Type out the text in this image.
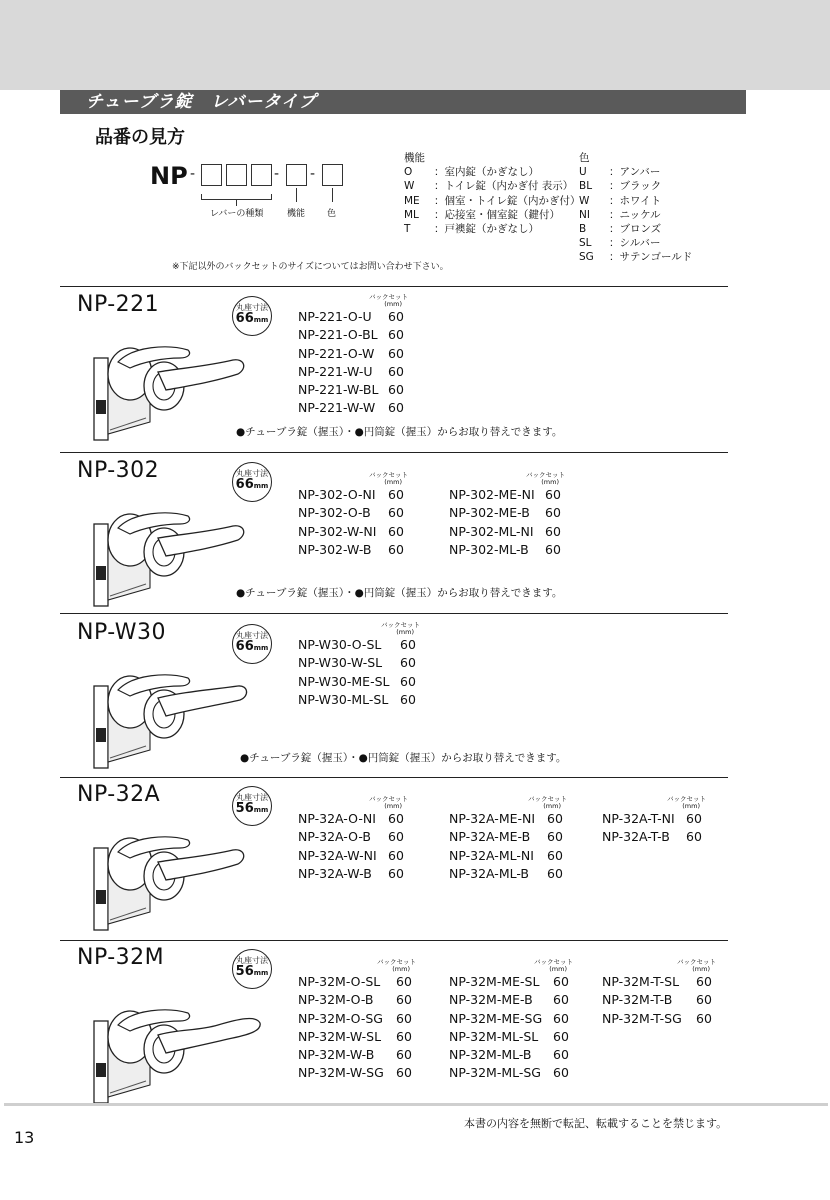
チューブラ錠　レバータイプ
品番の見方
NP -	- -
レバーの種類	機能 色
機能
O ：室内錠（かぎなし）
W ：トイレ錠（内かぎ付 表示）
ME ：個室・トイレ錠（内かぎ付）
ML ：応接室・個室錠（鍵付）
T ：戸襖錠（かぎなし）
色
U ：アンバー
BL ：ブラック
W ：ホワイト
NI ：ニッケル
B ：ブロンズ
SL ：シルバー
SG ：サテンゴールド
※下記以外のバックセットのサイズについてはお問い合わせ下さい。
NP-221	丸座寸法
66mm
バックセット
(mm)
NP-221-O-U 60
NP-221-O-BL 60
NP-221-O-W 60
NP-221-W-U 60
NP-221-W-BL 60
NP-221-W-W 60
●チューブラ錠（握玉）・●円筒錠（握玉）からお取り替えできます。
NP-302	丸座寸法
66mm
バックセット
(mm)
NP-302-O-NI 60
NP-302-O-B 60
NP-302-W-NI 60
NP-302-W-B 60
バックセット
(mm)
NP-302-ME-NI 60
NP-302-ME-B 60
NP-302-ML-NI 60
NP-302-ML-B 60
●チューブラ錠（握玉）・●円筒錠（握玉）からお取り替えできます。
NP-W30	丸座寸法
66mm
バックセット
(mm)
NP-W30-O-SL 60
NP-W30-W-SL 60
NP-W30-ME-SL 60
NP-W30-ML-SL 60
●チューブラ錠（握玉）・●円筒錠（握玉）からお取り替えできます。
NP-32A	丸座寸法
56mm
バックセット
(mm)
NP-32A-O-NI 60
NP-32A-O-B 60
NP-32A-W-NI 60
NP-32A-W-B 60
バックセット
(mm)
NP-32A-ME-NI 60
NP-32A-ME-B 60
NP-32A-ML-NI 60
NP-32A-ML-B 60
バックセット
(mm)
NP-32A-T-NI 60
NP-32A-T-B 60
NP-32M	丸座寸法
56mm
バックセット
(mm)
NP-32M-O-SL 60
NP-32M-O-B 60
NP-32M-O-SG 60
NP-32M-W-SL 60
NP-32M-W-B 60
NP-32M-W-SG 60
バックセット
(mm)
NP-32M-ME-SL 60
NP-32M-ME-B 60
NP-32M-ME-SG 60
NP-32M-ML-SL 60
NP-32M-ML-B 60
NP-32M-ML-SG 60
バックセット
(mm)
NP-32M-T-SL 60
NP-32M-T-B 60
NP-32M-T-SG 60
本書の内容を無断で転記、転載することを禁じます。
13
